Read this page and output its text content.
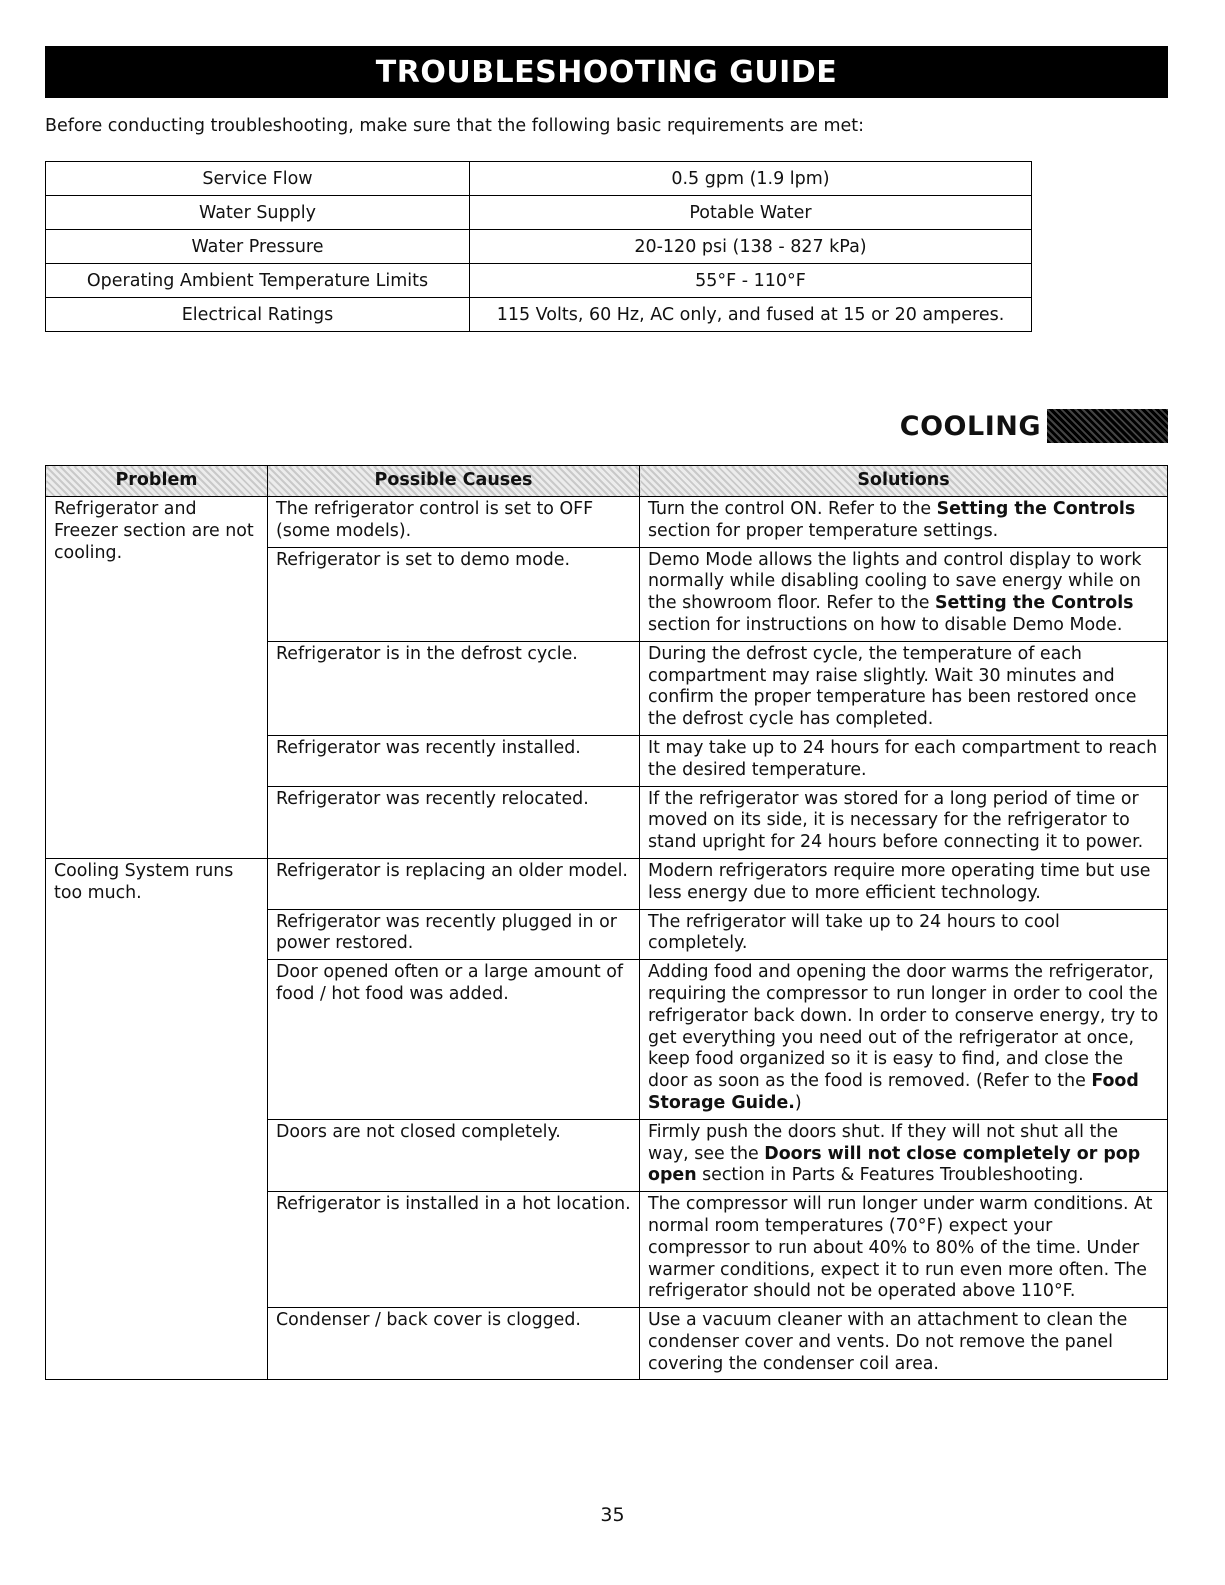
TROUBLESHOOTING GUIDE

Before conducting troubleshooting, make sure that the following basic requirements are met:

Service Flow	0.5 gpm (1.9 lpm)
Water Supply	Potable Water
Water Pressure	20-120 psi (138 - 827 kPa)
Operating Ambient Temperature Limits	55°F - 110°F
Electrical Ratings	115 Volts, 60 Hz, AC only, and fused at 15 or 20 amperes.
COOLING
Problem	Possible Causes	Solutions
Refrigerator and Freezer section are not cooling.	The refrigerator control is set to OFF (some models).	Turn the control ON. Refer to the Setting the Controls section for proper temperature settings.
	Refrigerator is set to demo mode.	Demo Mode allows the lights and control display to work normally while disabling cooling to save energy while on the showroom floor. Refer to the Setting the Controls section for instructions on how to disable Demo Mode.
	Refrigerator is in the defrost cycle.	During the defrost cycle, the temperature of each compartment may raise slightly. Wait 30 minutes and confirm the proper temperature has been restored once the defrost cycle has completed.
	Refrigerator was recently installed.	It may take up to 24 hours for each compartment to reach the desired temperature.
	Refrigerator was recently relocated.	If the refrigerator was stored for a long period of time or moved on its side, it is necessary for the refrigerator to stand upright for 24 hours before connecting it to power.
Cooling System runs too much.	Refrigerator is replacing an older model.	Modern refrigerators require more operating time but use less energy due to more efficient technology.
	Refrigerator was recently plugged in or power restored.	The refrigerator will take up to 24 hours to cool completely.
	Door opened often or a large amount of food / hot food was added.	Adding food and opening the door warms the refrigerator, requiring the compressor to run longer in order to cool the refrigerator back down. In order to conserve energy, try to get everything you need out of the refrigerator at once, keep food organized so it is easy to find, and close the door as soon as the food is removed. (Refer to the Food Storage Guide.)
	Doors are not closed completely.	Firmly push the doors shut. If they will not shut all the way, see the Doors will not close completely or pop open section in Parts & Features Troubleshooting.
	Refrigerator is installed in a hot location.	The compressor will run longer under warm conditions. At normal room temperatures (70°F) expect your compressor to run about 40% to 80% of the time. Under warmer conditions, expect it to run even more often. The refrigerator should not be operated above 110°F.
	Condenser / back cover is clogged.	Use a vacuum cleaner with an attachment to clean the condenser cover and vents. Do not remove the panel covering the condenser coil area.
35
